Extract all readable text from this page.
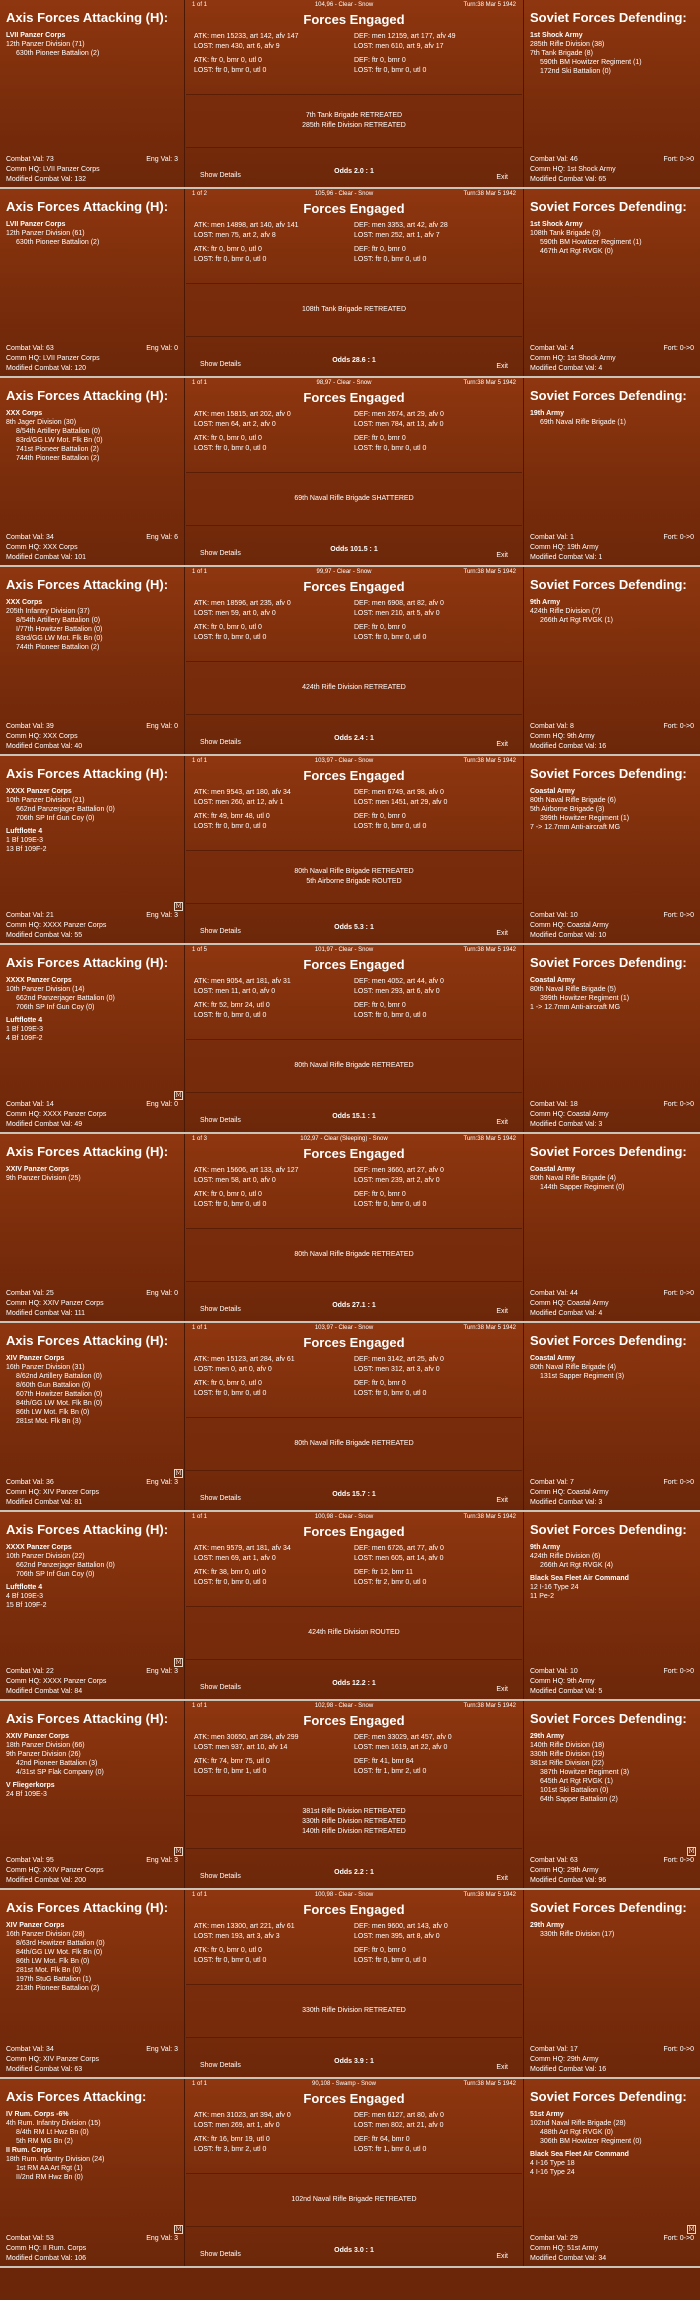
Axis Forces Attacking (H):
LVII Panzer Corps
12th Panzer Division (71)
630th Pioneer Battalion (2)
Combat Val: 73	Eng Val: 3
Comm HQ: LVII Panzer Corps
Modified Combat Val: 132
1 of 1	104,96 - Clear - Snow	Turn:38 Mar 5 1942
Forces Engaged
ATK: men 15233, art 142, afv 147	DEF: men 12159, art 177, afv 49
LOST: men 430, art 6, afv 9	LOST: men 610, art 9, afv 17
ATK: ftr 0, bmr 0, utl 0	DEF: ftr 0, bmr 0
LOST: ftr 0, bmr 0, utl 0	LOST: ftr 0, bmr 0, utl 0
7th Tank Brigade RETREATED
285th Rifle Division RETREATED
Show Details
Odds 2.0 : 1
Exit
Soviet Forces Defending:
1st Shock Army
285th Rifle Division (38)
7th Tank Brigade (8)
590th BM Howitzer Regiment (1)
172nd Ski Battalion (0)
Combat Val: 46	Fort: 0->0
Comm HQ: 1st Shock Army
Modified Combat Val: 65
Axis Forces Attacking (H):
LVII Panzer Corps
12th Panzer Division (61)
630th Pioneer Battalion (2)
Combat Val: 63	Eng Val: 0
Comm HQ: LVII Panzer Corps
Modified Combat Val: 120
1 of 2	105,96 - Clear - Snow	Turn:38 Mar 5 1942
Forces Engaged
ATK: men 14898, art 140, afv 141	DEF: men 3353, art 42, afv 28
LOST: men 75, art 2, afv 8	LOST: men 252, art 1, afv 7
ATK: ftr 0, bmr 0, utl 0	DEF: ftr 0, bmr 0
LOST: ftr 0, bmr 0, utl 0	LOST: ftr 0, bmr 0, utl 0
108th Tank Brigade RETREATED
Show Details
Odds 28.6 : 1
Exit
Soviet Forces Defending:
1st Shock Army
108th Tank Brigade (3)
590th BM Howitzer Regiment (1)
467th Art Rgt RVGK (0)
Combat Val: 4	Fort: 0->0
Comm HQ: 1st Shock Army
Modified Combat Val: 4
Axis Forces Attacking (H):
XXX Corps
8th Jager Division (30)
8/54th Artillery Battalion (0)
83rd/GG LW Mot. Flk Bn (0)
741st Pioneer Battalion (2)
744th Pioneer Battalion (2)
Combat Val: 34	Eng Val: 6
Comm HQ: XXX Corps
Modified Combat Val: 101
1 of 1	98,97 - Clear - Snow	Turn:38 Mar 5 1942
Forces Engaged
ATK: men 15815, art 202, afv 0	DEF: men 2674, art 29, afv 0
LOST: men 64, art 2, afv 0	LOST: men 784, art 13, afv 0
ATK: ftr 0, bmr 0, utl 0	DEF: ftr 0, bmr 0
LOST: ftr 0, bmr 0, utl 0	LOST: ftr 0, bmr 0, utl 0
69th Naval Rifle Brigade SHATTERED
Show Details
Odds 101.5 : 1
Exit
Soviet Forces Defending:
19th Army
69th Naval Rifle Brigade (1)
Combat Val: 1	Fort: 0->0
Comm HQ: 19th Army
Modified Combat Val: 1
Axis Forces Attacking (H):
XXX Corps
205th Infantry Division (37)
8/54th Artillery Battalion (0)
I/77th Howitzer Battalion (0)
83rd/GG LW Mot. Flk Bn (0)
744th Pioneer Battalion (2)
Combat Val: 39	Eng Val: 0
Comm HQ: XXX Corps
Modified Combat Val: 40
1 of 1	99,97 - Clear - Snow	Turn:38 Mar 5 1942
Forces Engaged
ATK: men 18596, art 235, afv 0	DEF: men 6908, art 82, afv 0
LOST: men 59, art 0, afv 0	LOST: men 210, art 5, afv 0
ATK: ftr 0, bmr 0, utl 0	DEF: ftr 0, bmr 0
LOST: ftr 0, bmr 0, utl 0	LOST: ftr 0, bmr 0, utl 0
424th Rifle Division RETREATED
Show Details
Odds 2.4 : 1
Exit
Soviet Forces Defending:
9th Army
424th Rifle Division (7)
266th Art Rgt RVGK (1)
Combat Val: 8	Fort: 0->0
Comm HQ: 9th Army
Modified Combat Val: 16
Axis Forces Attacking (H):
XXXX Panzer Corps
10th Panzer Division (21)
662nd Panzerjager Battalion (0)
706th SP Inf Gun Coy (0)
Luftflotte 4
1 Bf 109E-3
13 Bf 109F-2
[v]
Combat Val: 21	Eng Val: 3
Comm HQ: XXXX Panzer Corps
Modified Combat Val: 55
1 of 1	103,97 - Clear - Snow	Turn:38 Mar 5 1942
Forces Engaged
ATK: men 9543, art 180, afv 34	DEF: men 6749, art 98, afv 0
LOST: men 260, art 12, afv 1	LOST: men 1451, art 29, afv 0
ATK: ftr 49, bmr 48, utl 0	DEF: ftr 0, bmr 0
LOST: ftr 0, bmr 0, utl 0	LOST: ftr 0, bmr 0, utl 0
80th Naval Rifle Brigade RETREATED
5th Airborne Brigade ROUTED
Show Details
Odds 5.3 : 1
Exit
Soviet Forces Defending:
Coastal Army
80th Naval Rifle Brigade (6)
5th Airborne Brigade (3)
399th Howitzer Regiment (1)
7 -> 12.7mm Anti-aircraft MG
Combat Val: 10	Fort: 0->0
Comm HQ: Coastal Army
Modified Combat Val: 10
Axis Forces Attacking (H):
XXXX Panzer Corps
10th Panzer Division (14)
662nd Panzerjager Battalion (0)
706th SP Inf Gun Coy (0)
Luftflotte 4
1 Bf 109E-3
4 Bf 109F-2
[v]
Combat Val: 14	Eng Val: 0
Comm HQ: XXXX Panzer Corps
Modified Combat Val: 49
1 of 5	101,97 - Clear - Snow	Turn:38 Mar 5 1942
Forces Engaged
ATK: men 9054, art 181, afv 31	DEF: men 4052, art 44, afv 0
LOST: men 11, art 0, afv 0	LOST: men 293, art 6, afv 0
ATK: ftr 52, bmr 24, utl 0	DEF: ftr 0, bmr 0
LOST: ftr 0, bmr 0, utl 0	LOST: ftr 0, bmr 0, utl 0
80th Naval Rifle Brigade RETREATED
Show Details
Odds 15.1 : 1
Exit
Soviet Forces Defending:
Coastal Army
80th Naval Rifle Brigade (5)
399th Howitzer Regiment (1)
1 -> 12.7mm Anti-aircraft MG
Combat Val: 18	Fort: 0->0
Comm HQ: Coastal Army
Modified Combat Val: 3
Axis Forces Attacking (H):
XXIV Panzer Corps
9th Panzer Division (25)
Combat Val: 25	Eng Val: 0
Comm HQ: XXIV Panzer Corps
Modified Combat Val: 111
1 of 3	102,97 - Clear (Sleeping) - Snow	Turn:38 Mar 5 1942
Forces Engaged
ATK: men 15606, art 133, afv 127	DEF: men 3660, art 27, afv 0
LOST: men 58, art 0, afv 0	LOST: men 239, art 2, afv 0
ATK: ftr 0, bmr 0, utl 0	DEF: ftr 0, bmr 0
LOST: ftr 0, bmr 0, utl 0	LOST: ftr 0, bmr 0, utl 0
80th Naval Rifle Brigade RETREATED
Show Details
Odds 27.1 : 1
Exit
Soviet Forces Defending:
Coastal Army
80th Naval Rifle Brigade (4)
144th Sapper Regiment (0)
Combat Val: 44	Fort: 0->0
Comm HQ: Coastal Army
Modified Combat Val: 4
Axis Forces Attacking (H):
XIV Panzer Corps
16th Panzer Division (31)
8/62nd Artillery Battalion (0)
8/60th Gun Battalion (0)
607th Howitzer Battalion (0)
84th/GG LW Mot. Flk Bn (0)
86th LW Mot. Flk Bn (0)
281st Mot. Flk Bn (3)
[v]
Combat Val: 36	Eng Val: 3
Comm HQ: XIV Panzer Corps
Modified Combat Val: 81
1 of 1	103,97 - Clear - Snow	Turn:38 Mar 5 1942
Forces Engaged
ATK: men 15123, art 284, afv 61	DEF: men 3142, art 25, afv 0
LOST: men 0, art 0, afv 0	LOST: men 312, art 3, afv 0
ATK: ftr 0, bmr 0, utl 0	DEF: ftr 0, bmr 0
LOST: ftr 0, bmr 0, utl 0	LOST: ftr 0, bmr 0, utl 0
80th Naval Rifle Brigade RETREATED
Show Details
Odds 15.7 : 1
Exit
Soviet Forces Defending:
Coastal Army
80th Naval Rifle Brigade (4)
131st Sapper Regiment (3)
Combat Val: 7	Fort: 0->0
Comm HQ: Coastal Army
Modified Combat Val: 3
Axis Forces Attacking (H):
XXXX Panzer Corps
10th Panzer Division (22)
662nd Panzerjager Battalion (0)
706th SP Inf Gun Coy (0)
Luftflotte 4
4 Bf 109E-3
15 Bf 109F-2
[v]
Combat Val: 22	Eng Val: 3
Comm HQ: XXXX Panzer Corps
Modified Combat Val: 84
1 of 1	100,98 - Clear - Snow	Turn:38 Mar 5 1942
Forces Engaged
ATK: men 9579, art 181, afv 34	DEF: men 6726, art 77, afv 0
LOST: men 69, art 1, afv 0	LOST: men 605, art 14, afv 0
ATK: ftr 38, bmr 0, utl 0	DEF: ftr 12, bmr 11
LOST: ftr 0, bmr 0, utl 0	LOST: ftr 2, bmr 0, utl 0
424th Rifle Division ROUTED
Show Details
Odds 12.2 : 1
Exit
Soviet Forces Defending:
9th Army
424th Rifle Division (6)
266th Art Rgt RVGK (4)
Black Sea Fleet Air Command
12 I-16 Type 24
11 Pe-2
Combat Val: 10	Fort: 0->0
Comm HQ: 9th Army
Modified Combat Val: 5
Axis Forces Attacking (H):
XXIV Panzer Corps
18th Panzer Division (66)
9th Panzer Division (26)
42nd Pioneer Battalion (3)
4/31st SP Flak Company (0)
V Fliegerkorps
24 Bf 109E-3
[v]
Combat Val: 95	Eng Val: 3
Comm HQ: XXIV Panzer Corps
Modified Combat Val: 200
1 of 1	102,98 - Clear - Snow	Turn:38 Mar 5 1942
Forces Engaged
ATK: men 30650, art 284, afv 299	DEF: men 33029, art 457, afv 0
LOST: men 937, art 10, afv 14	LOST: men 1619, art 22, afv 0
ATK: ftr 74, bmr 75, utl 0	DEF: ftr 41, bmr 84
LOST: ftr 0, bmr 1, utl 0	LOST: ftr 1, bmr 2, utl 0
381st Rifle Division RETREATED
330th Rifle Division RETREATED
140th Rifle Division RETREATED
Show Details
Odds 2.2 : 1
Exit
Soviet Forces Defending:
29th Army
140th Rifle Division (18)
330th Rifle Division (19)
381st Rifle Division (22)
387th Howitzer Regiment (3)
645th Art Rgt RVGK (1)
101st Ski Battalion (0)
64th Sapper Battalion (2)
[v]
Combat Val: 63	Fort: 0->0
Comm HQ: 29th Army
Modified Combat Val: 96
Axis Forces Attacking (H):
XIV Panzer Corps
16th Panzer Division (28)
8/63rd Howitzer Battalion (0)
84th/GG LW Mot. Flk Bn (0)
86th LW Mot. Flk Bn (0)
281st Mot. Flk Bn (0)
197th StuG Battalion (1)
213th Pioneer Battalion (2)
Combat Val: 34	Eng Val: 3
Comm HQ: XIV Panzer Corps
Modified Combat Val: 63
1 of 1	100,98 - Clear - Snow	Turn:38 Mar 5 1942
Forces Engaged
ATK: men 13300, art 221, afv 61	DEF: men 9600, art 143, afv 0
LOST: men 193, art 3, afv 3	LOST: men 395, art 8, afv 0
ATK: ftr 0, bmr 0, utl 0	DEF: ftr 0, bmr 0
LOST: ftr 0, bmr 0, utl 0	LOST: ftr 0, bmr 0, utl 0
330th Rifle Division RETREATED
Show Details
Odds 3.9 : 1
Exit
Soviet Forces Defending:
29th Army
330th Rifle Division (17)
Combat Val: 17	Fort: 0->0
Comm HQ: 29th Army
Modified Combat Val: 16
Axis Forces Attacking:
IV Rum. Corps -6%
4th Rum. Infantry Division (15)
8/4th RM Lt Hwz Bn (0)
5th RM MG Bn (2)
II Rum. Corps
18th Rum. Infantry Division (24)
1st RM AA Art Rgt (1)
II/2nd RM Hwz Bn (0)
[v]
Combat Val: 53	Eng Val: 3
Comm HQ: II Rum. Corps
Modified Combat Val: 106
1 of 1	90,108 - Swamp - Snow	Turn:38 Mar 5 1942
Forces Engaged
ATK: men 31023, art 394, afv 0	DEF: men 6127, art 80, afv 0
LOST: men 269, art 1, afv 0	LOST: men 802, art 21, afv 0
ATK: ftr 16, bmr 19, utl 0	DEF: ftr 64, bmr 0
LOST: ftr 3, bmr 2, utl 0	LOST: ftr 1, bmr 0, utl 0
102nd Naval Rifle Brigade RETREATED
Show Details
Odds 3.0 : 1
Exit
Soviet Forces Defending:
51st Army
102nd Naval Rifle Brigade (28)
488th Art Rgt RVGK (0)
306th BM Howitzer Regiment (0)
Black Sea Fleet Air Command
4 I-16 Type 18
4 I-16 Type 24
[v]
Combat Val: 29	Fort: 0->0
Comm HQ: 51st Army
Modified Combat Val: 34
